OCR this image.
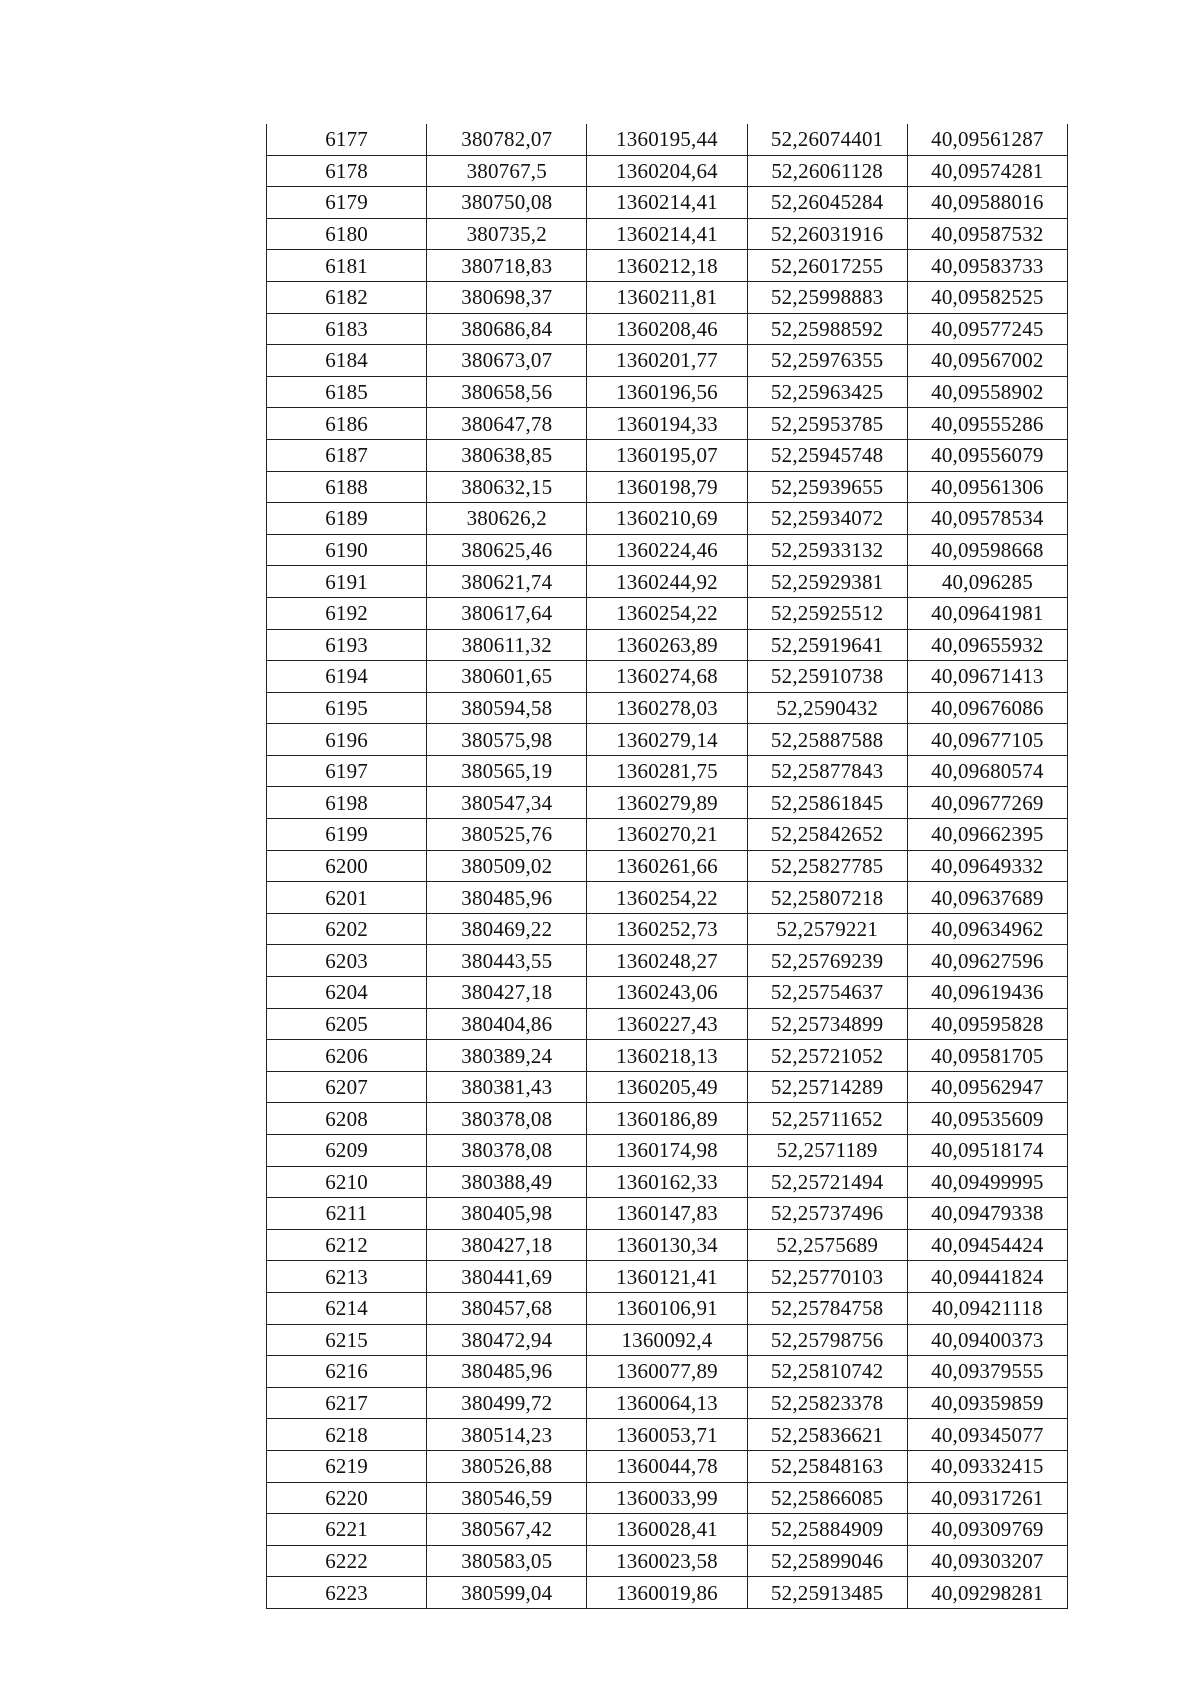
6177	380782,07	1360195,44	52,26074401	40,09561287
6178	380767,5	1360204,64	52,26061128	40,09574281
6179	380750,08	1360214,41	52,26045284	40,09588016
6180	380735,2	1360214,41	52,26031916	40,09587532
6181	380718,83	1360212,18	52,26017255	40,09583733
6182	380698,37	1360211,81	52,25998883	40,09582525
6183	380686,84	1360208,46	52,25988592	40,09577245
6184	380673,07	1360201,77	52,25976355	40,09567002
6185	380658,56	1360196,56	52,25963425	40,09558902
6186	380647,78	1360194,33	52,25953785	40,09555286
6187	380638,85	1360195,07	52,25945748	40,09556079
6188	380632,15	1360198,79	52,25939655	40,09561306
6189	380626,2	1360210,69	52,25934072	40,09578534
6190	380625,46	1360224,46	52,25933132	40,09598668
6191	380621,74	1360244,92	52,25929381	40,096285
6192	380617,64	1360254,22	52,25925512	40,09641981
6193	380611,32	1360263,89	52,25919641	40,09655932
6194	380601,65	1360274,68	52,25910738	40,09671413
6195	380594,58	1360278,03	52,2590432	40,09676086
6196	380575,98	1360279,14	52,25887588	40,09677105
6197	380565,19	1360281,75	52,25877843	40,09680574
6198	380547,34	1360279,89	52,25861845	40,09677269
6199	380525,76	1360270,21	52,25842652	40,09662395
6200	380509,02	1360261,66	52,25827785	40,09649332
6201	380485,96	1360254,22	52,25807218	40,09637689
6202	380469,22	1360252,73	52,2579221	40,09634962
6203	380443,55	1360248,27	52,25769239	40,09627596
6204	380427,18	1360243,06	52,25754637	40,09619436
6205	380404,86	1360227,43	52,25734899	40,09595828
6206	380389,24	1360218,13	52,25721052	40,09581705
6207	380381,43	1360205,49	52,25714289	40,09562947
6208	380378,08	1360186,89	52,25711652	40,09535609
6209	380378,08	1360174,98	52,2571189	40,09518174
6210	380388,49	1360162,33	52,25721494	40,09499995
6211	380405,98	1360147,83	52,25737496	40,09479338
6212	380427,18	1360130,34	52,2575689	40,09454424
6213	380441,69	1360121,41	52,25770103	40,09441824
6214	380457,68	1360106,91	52,25784758	40,09421118
6215	380472,94	1360092,4	52,25798756	40,09400373
6216	380485,96	1360077,89	52,25810742	40,09379555
6217	380499,72	1360064,13	52,25823378	40,09359859
6218	380514,23	1360053,71	52,25836621	40,09345077
6219	380526,88	1360044,78	52,25848163	40,09332415
6220	380546,59	1360033,99	52,25866085	40,09317261
6221	380567,42	1360028,41	52,25884909	40,09309769
6222	380583,05	1360023,58	52,25899046	40,09303207
6223	380599,04	1360019,86	52,25913485	40,09298281
